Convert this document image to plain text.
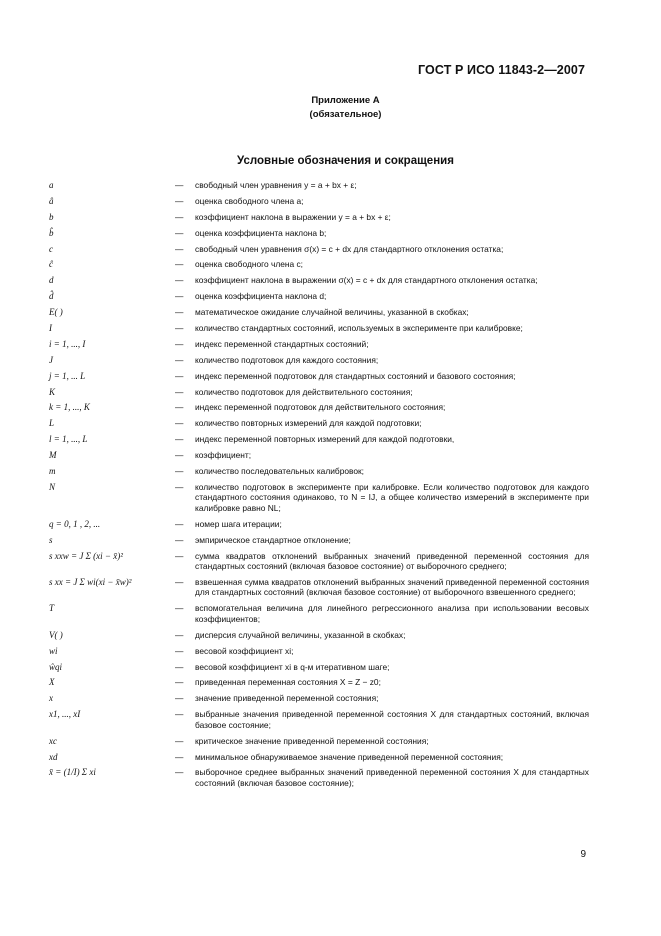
ГОСТ Р ИСО 11843-2—2007
Приложение А
(обязательное)
Условные обозначения и сокращения
a	—	свободный член уравнения y = a + bx + ε;
â	—	оценка свободного члена a;
b	—	коэффициент наклона в выражении y = a + bx + ε;
b̂	—	оценка коэффициента наклона b;
c	—	свободный член уравнения σ(x) = c + dx для стандартного отклонения остатка;
ĉ	—	оценка свободного члена c;
d	—	коэффициент наклона в выражении σ(x) = c + dx для стандартного отклонения остатка;
d̂	—	оценка коэффициента наклона d;
E( )	—	математическое ожидание случайной величины, указанной в скобках;
I	—	количество стандартных состояний, используемых в эксперименте при калибровке;
i = 1, ..., I	—	индекс переменной стандартных состояний;
J	—	количество подготовок для каждого состояния;
j = 1, ... L	—	индекс переменной подготовок для стандартных состояний и базового состояния;
K	—	количество подготовок для действительного состояния;
k = 1, ..., K	—	индекс переменной подготовок для действительного состояния;
L	—	количество повторных измерений для каждой подготовки;
l = 1, ..., L	—	индекс переменной повторных измерений для каждой подготовки,
M	—	коэффициент;
m	—	количество последовательных калибровок;
N	—	количество подготовок в эксперименте при калибровке. Если количество подготовок для каждого стандартного состояния одинаково, то N = IJ, а общее количество измерений в эксперименте при калибровке равно NL;
q = 0, 1 , 2, ...	—	номер шага итерации;
s	—	эмпирическое стандартное отклонение;
s xxw = J Σ (xi − x̄)²	—	сумма квадратов отклонений выбранных значений приведенной переменной состояния для стандартных состояний (включая базовое состояние) от выборочного среднего;
s xx = J Σ wi(xi − x̄w)²	—	взвешенная сумма квадратов отклонений выбранных значений приведенной переменной состояния для стандартных состояний (включая базовое состояние) от выборочного взвешенного среднего;
T	—	вспомогательная величина для линейного регрессионного анализа при использовании весовых коэффициентов;
V( )	—	дисперсия случайной величины, указанной в скобках;
wi	—	весовой коэффициент xi;
ŵqi	—	весовой коэффициент xi в q-м итеративном шаге;
X	—	приведенная переменная состояния X = Z − z0;
x	—	значение приведенной переменной состояния;
x1, ..., xI	—	выбранные значения приведенной переменной состояния X для стандартных состояний, включая базовое состояние;
xc	—	критическое значение приведенной переменной состояния;
xd	—	минимальное обнаруживаемое значение приведенной переменной состояния;
x̄ = (1/I) Σ xi	—	выборочное среднее выбранных значений приведенной переменной состояния X для стандартных состояний (включая базовое состояние);
9
